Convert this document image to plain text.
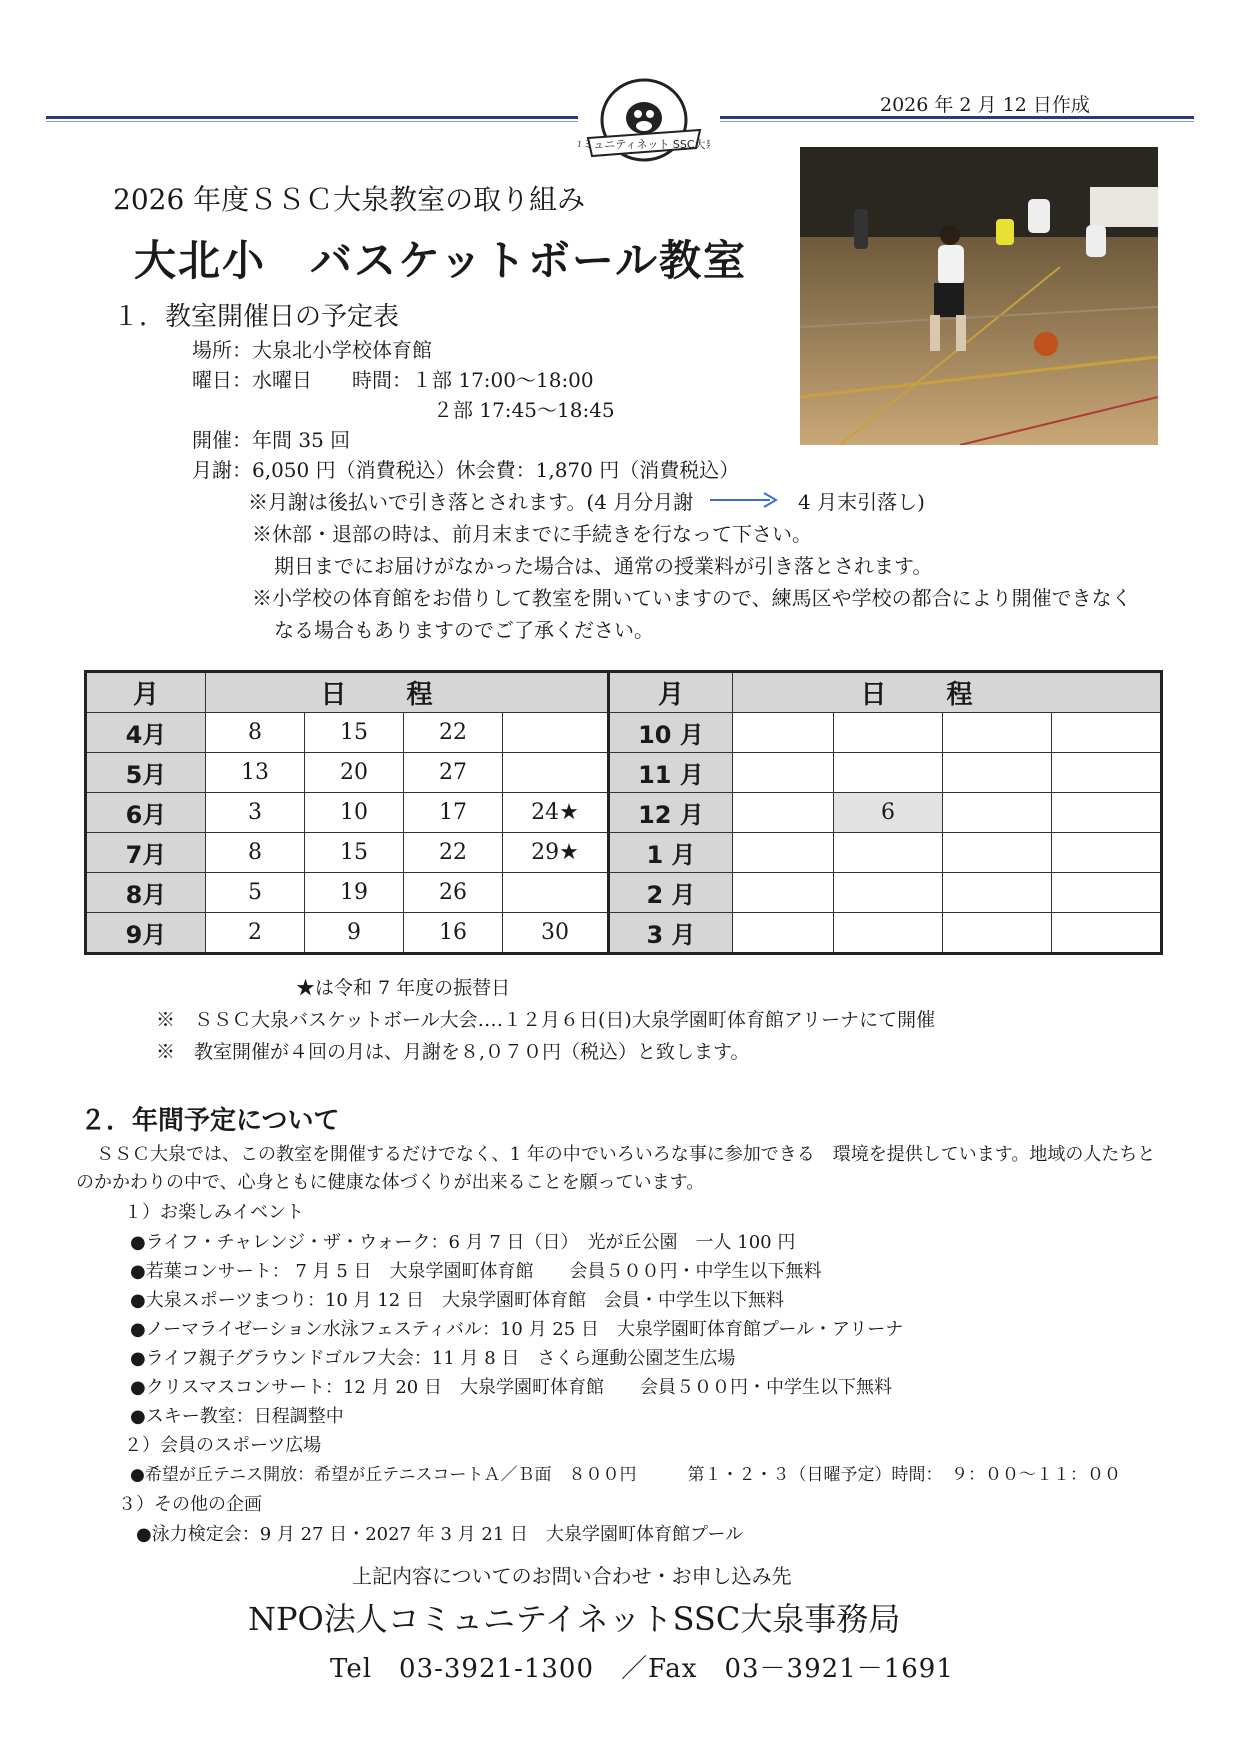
2026 年 2 月 12 日作成
コミュニティネット SSC大泉
2026 年度ＳＳＣ大泉教室の取り組み
大北小　バスケットボール教室
１．教室開催日の予定表
場所：大泉北小学校体育館
曜日：水曜日　　時間：１部 17:00～18:00
２部 17:45～18:45
開催：年間 35 回
月謝：6,050 円（消費税込）休会費：1,870 円（消費税込）
※月謝は後払いで引き落とされます。(4 月分月謝	4 月末引落し)
※休部・退部の時は、前月末までに手続きを行なって下さい。
期日までにお届けがなかった場合は、通常の授業料が引き落とされます。
※小学校の体育館をお借りして教室を開いていますので、練馬区や学校の都合により開催できなく
なる場合もありますのでご了承ください。
月	日程				月	日程			
4月	8	15	22		10 月				
5月	13	20	27		11 月				
6月	3	10	17	24★	12 月		6		
7月	8	15	22	29★	1 月				
8月	5	19	26		2 月				
9月	2	9	16	30	3 月				
★は令和 7 年度の振替日
※　ＳＳＣ大泉バスケットボール大会‥‥１２月６日(日)大泉学園町体育館アリーナにて開催
※　教室開催が４回の月は、月謝を８,０７０円（税込）と致します。
２．年間予定について
ＳＳＣ大泉では、この教室を開催するだけでなく、1 年の中でいろいろな事に参加できる　環境を提供しています。地域の人たちと
のかかわりの中で、心身ともに健康な体づくりが出来ることを願っています。
１）お楽しみイベント
●ライフ・チャレンジ・ザ・ウォーク：6 月 7 日（日）　光が丘公園　一人 100 円
●若葉コンサート： 7 月 5 日　大泉学園町体育館　　会員５００円・中学生以下無料
●大泉スポーツまつり：10 月 12 日　大泉学園町体育館　会員・中学生以下無料
●ノーマライゼーション水泳フェスティバル：10 月 25 日　大泉学園町体育館プール・アリーナ
●ライフ親子グラウンドゴルフ大会：11 月 8 日　さくら運動公園芝生広場
●クリスマスコンサート：12 月 20 日　大泉学園町体育館　　会員５００円・中学生以下無料
●スキー教室：日程調整中
２）会員のスポーツ広場
●希望が丘テニス開放：希望が丘テニスコートＡ／Ｂ面　８００円　　　第１・２・３（日曜予定）時間：　９：００～１１：００
３）その他の企画
●泳力検定会：9 月 27 日・2027 年 3 月 21 日　大泉学園町体育館プール
上記内容についてのお問い合わせ・お申し込み先
NPO法人コミュニテイネットSSC大泉事務局
Tel　03-3921-1300　／Fax　03－3921－1691
